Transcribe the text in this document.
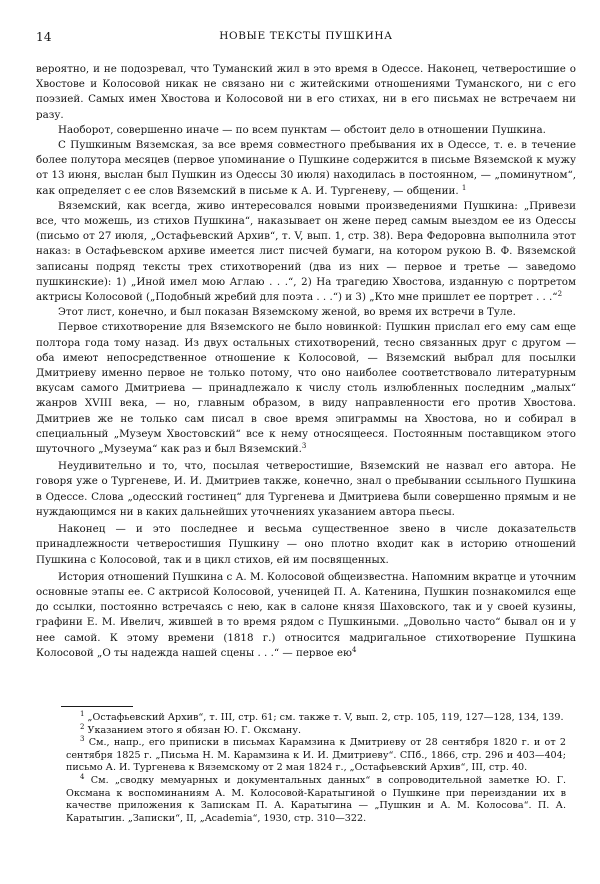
14	НОВЫЕ ТЕКСТЫ ПУШКИНА

вероятно, и не подозревал, что Туманский жил в это время в Одессе. Наконец, четверостишие о Хвостове и Колосовой никак не связано ни с житейскими отношениями Туманского, ни с его поэзией. Самых имен Хвостова и Колосовой ни в его стихах, ни в его письмах не встречаем ни разу.

Наоборот, совершенно иначе — по всем пунктам — обстоит дело в отношении Пушкина.

С Пушкиным Вяземская, за все время совместного пребывания их в Одессе, т. е. в течение более полутора месяцев (первое упоминание о Пушкине содержится в письме Вяземской к мужу от 13 июня, выслан был Пушкин из Одессы 30 июля) находилась в постоянном, — „поминутном“, как определяет с ее слов Вяземский в письме к А. И. Тургеневу, — общении. $^1$

Вяземский, как всегда, живо интересовался новыми произведениями Пушкина: „Привези все, что можешь, из стихов Пушкина“, наказывает он жене перед самым выездом ее из Одессы (письмо от 27 июля, „Остафьевский Архив“, т. V, вып. 1, стр. 38). Вера Федоровна выполнила этот наказ: в Остафьевском архиве имеется лист писчей бумаги, на котором рукою В. Ф. Вяземской записаны подряд тексты трех стихотворений (два из них — первое и третье — заведомо пушкинские): 1) „Иной имел мою Аглаю . . .“, 2) На трагедию Хвостова, изданную с портретом актрисы Колосовой („Подобный жребий для поэта . . .“) и 3) „Кто мне пришлет ее портрет . . .“$^2$

Этот лист, конечно, и был показан Вяземскому женой, во время их встречи в Туле.

Первое стихотворение для Вяземского не было новинкой: Пушкин прислал его ему сам еще полтора года тому назад. Из двух остальных стихотворений, тесно связанных друг с другом — оба имеют непосредственное отношение к Колосовой, — Вяземский выбрал для посылки Дмитриеву именно первое не только потому, что оно наиболее соответствовало литературным вкусам самого Дмитриева — принадлежало к числу столь излюбленных последним „малых“ жанров XVIII века, — но, главным образом, в виду направленности его против Хвостова. Дмитриев же не только сам писал в свое время эпиграммы на Хвостова, но и собирал в специальный „Музеум Хвостовский“ все к нему относящееся. Постоянным поставщиком этого шуточного „Музеума“ как раз и был Вяземский.$^3$

Неудивительно и то, что, посылая четверостишие, Вяземский не назвал его автора. Не говоря уже о Тургеневе, И. И. Дмитриев также, конечно, знал о пребывании ссыльного Пушкина в Одессе. Слова „одесский гостинец“ для Тургенева и Дмитриева были совершенно прямым и не нуждающимся ни в каких дальнейших уточнениях указанием автора пьесы.

Наконец — и это последнее и весьма существенное звено в числе доказательств принадлежности четверостишия Пушкину — оно плотно входит как в историю отношений Пушкина с Колосовой, так и в цикл стихов, ей им посвященных.

История отношений Пушкина с А. М. Колосовой общеизвестна. Напомним вкратце и уточним основные этапы ее. С актрисой Колосовой, ученицей П. А. Катенина, Пушкин познакомился еще до ссылки, постоянно встречаясь с нею, как в салоне князя Шаховского, так и у своей кузины, графини Е. М. Ивелич, жившей в то время рядом с Пушкиными. „Довольно часто“ бывал он и у нее самой. К этому времени (1818 г.) относится мадригальное стихотворение Пушкина Колосовой „О ты надежда нашей сцены . . .“ — первое $ею^4$

$^1$ „Остафьевский Архив“, т. III, стр. 61; см. также т. V, вып. 2, стр. 105, 119, 127—128, 134, 139.

$^2$ Указанием этого я обязан Ю. Г. Оксману.

$^3$ См., напр., его приписки в письмах Карамзина к Дмитриеву от 28 сентября 1820 г. и от 2 сентября 1825 г. „Письма Н. М. Карамзина к И. И. Дмитриеву“. СПб., 1866, стр. 296 и 403—404; письмо А. И. Тургенева к Вяземскому от 2 мая 1824 г., „Остафьевский Архив“, III, стр. 40.

$^4$ См. „сводку мемуарных и документальных данных“ в сопроводительной заметке Ю. Г. Оксмана к воспоминаниям А. М. Колосовой-Каратыгиной о Пушкине при переиздании их в качестве приложения к Запискам П. А. Каратыгина — „Пушкин и А. М. Колосова“. П. А. Каратыгин. „Записки“, II, „Academia“, 1930, стр. 310—322.
